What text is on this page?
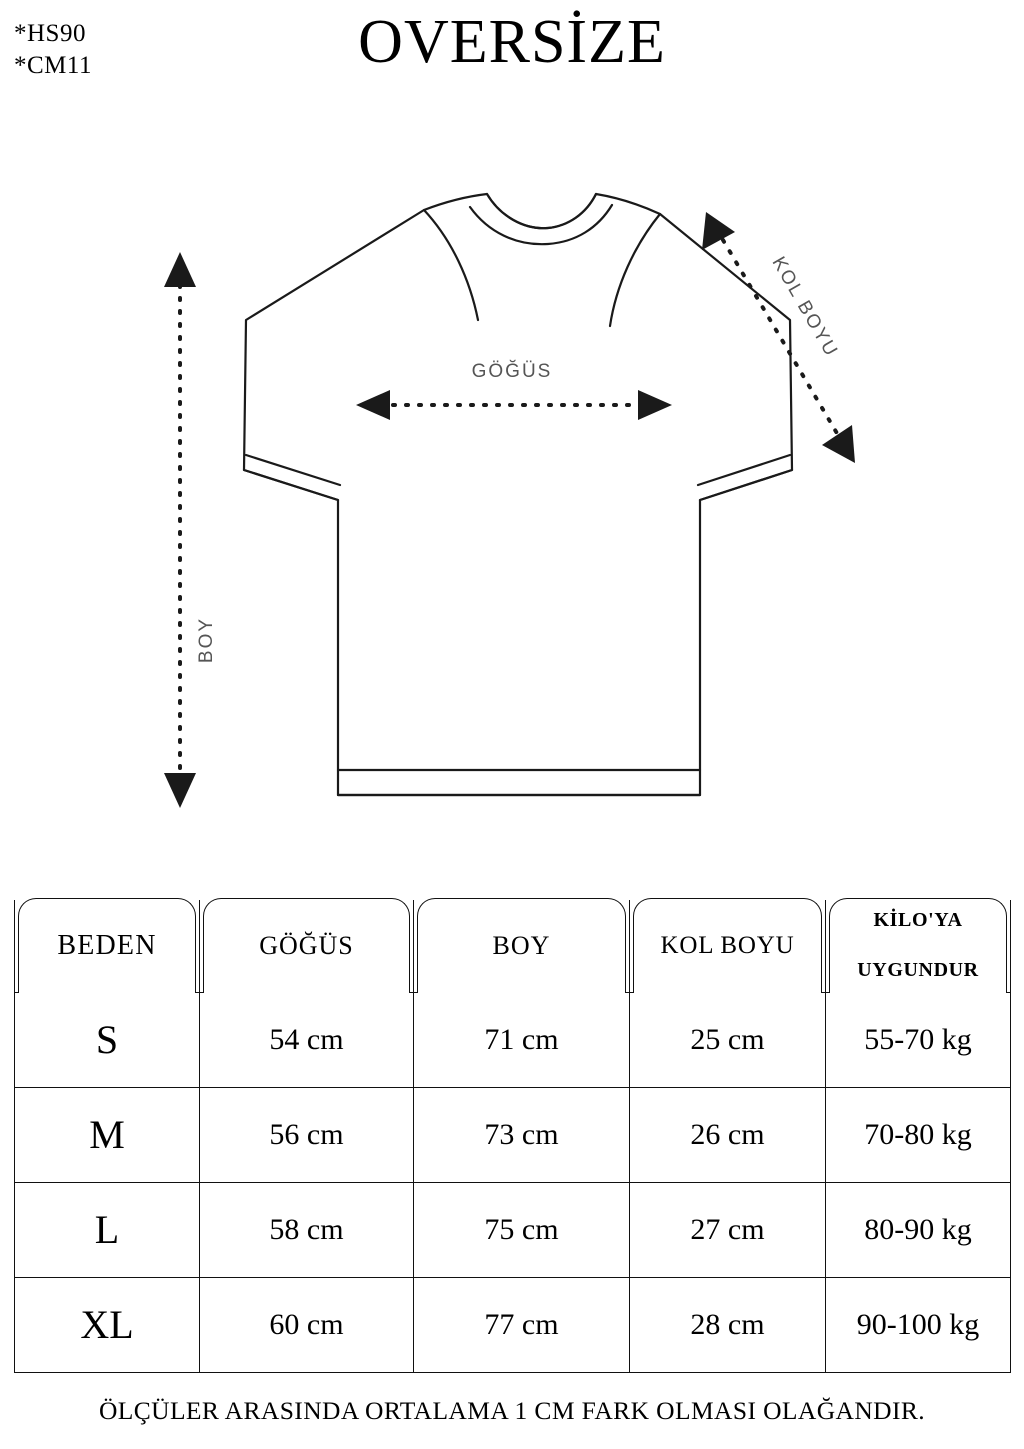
*HS90
*CM11	OVERSİZE
GÖĞÜS
BOY
KOL BOYU
BEDEN	GÖĞÜS	BOY	KOL BOYU	KİLO'YA

UYGUNDUR

S	54 cm	71 cm	25 cm	55-70 kg
M	56 cm	73 cm	26 cm	70-80 kg
L	58 cm	75 cm	27 cm	80-90 kg
XL	60 cm	77 cm	28 cm	90-100 kg
ÖLÇÜLER ARASINDA ORTALAMA 1 CM FARK OLMASI OLAĞANDIR.
